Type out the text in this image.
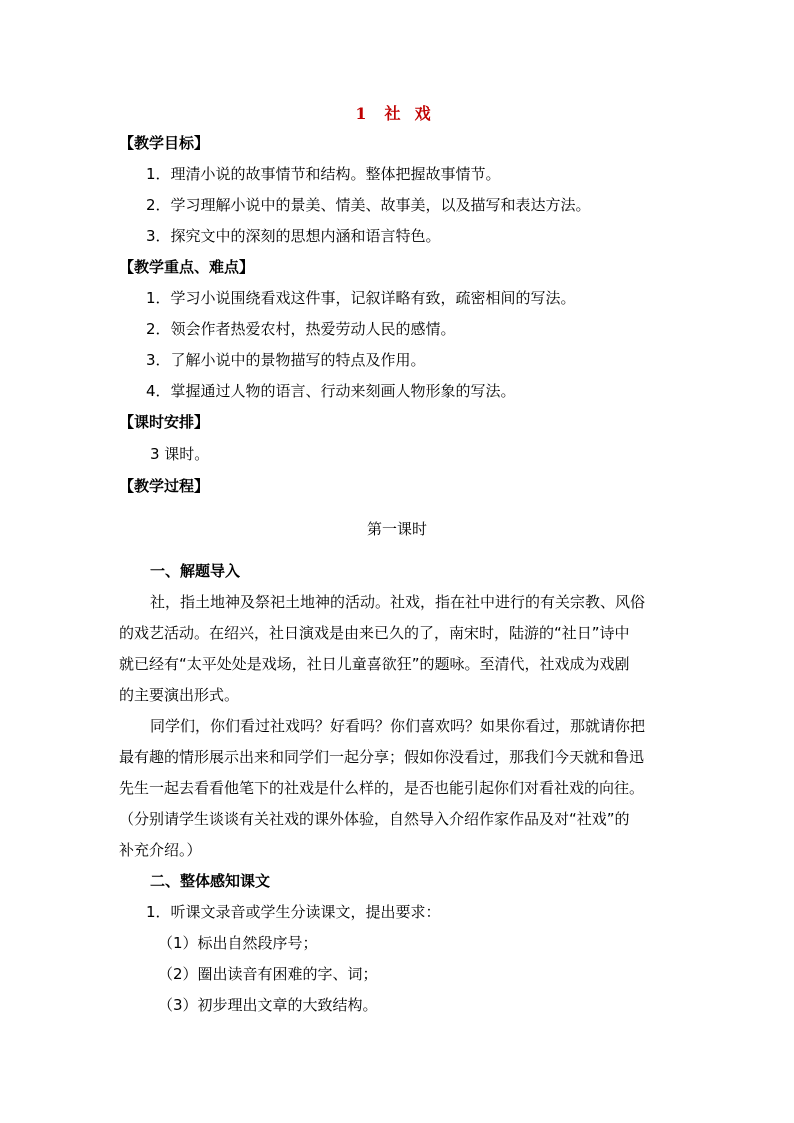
1 社 戏
【教学目标】
1．理清小说的故事情节和结构。整体把握故事情节。
2．学习理解小说中的景美、情美、故事美，以及描写和表达方法。
3．探究文中的深刻的思想内涵和语言特色。
【教学重点、难点】
1．学习小说围绕看戏这件事，记叙详略有致，疏密相间的写法。
2．领会作者热爱农村，热爱劳动人民的感情。
3．了解小说中的景物描写的特点及作用。
4．掌握通过人物的语言、行动来刻画人物形象的写法。
【课时安排】
3 课时。
【教学过程】
第一课时
一、解题导入
社，指土地神及祭祀土地神的活动。社戏，指在社中进行的有关宗教、风俗
的戏艺活动。在绍兴，社日演戏是由来已久的了，南宋时，陆游的“社日”诗中
就已经有“太平处处是戏场，社日儿童喜欲狂”的题咏。至清代，社戏成为戏剧
的主要演出形式。
同学们，你们看过社戏吗？好看吗？你们喜欢吗？如果你看过，那就请你把
最有趣的情形展示出来和同学们一起分享；假如你没看过，那我们今天就和鲁迅
先生一起去看看他笔下的社戏是什么样的，是否也能引起你们对看社戏的向往。
（分别请学生谈谈有关社戏的课外体验，自然导入介绍作家作品及对“社戏”的
补充介绍。）
二、整体感知课文
1．听课文录音或学生分读课文，提出要求：
（1）标出自然段序号；
（2）圈出读音有困难的字、词；
（3）初步理出文章的大致结构。
